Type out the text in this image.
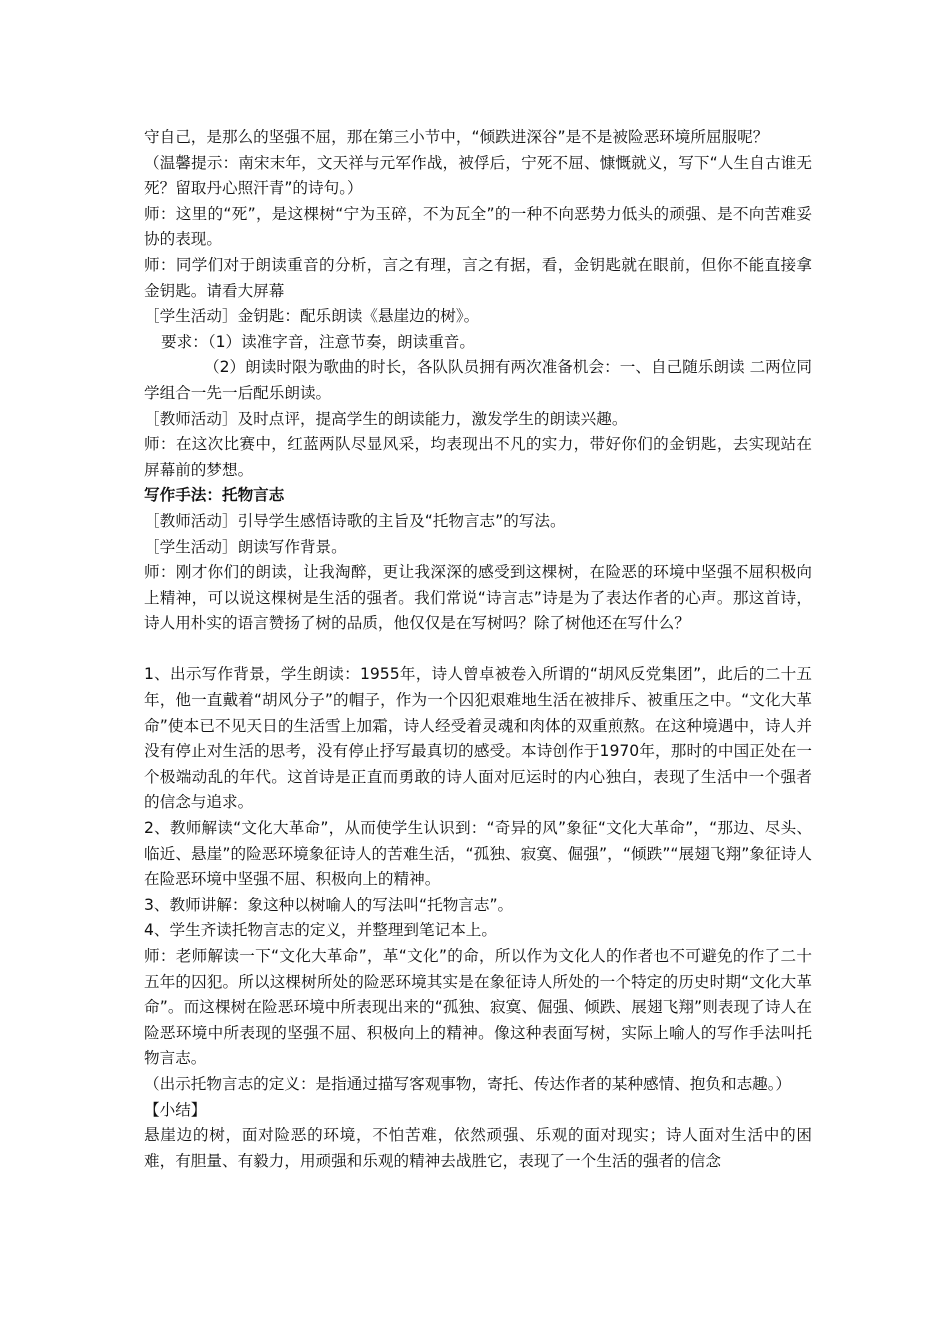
守自己，是那么的坚强不屈，那在第三小节中，“倾跌进深谷”是不是被险恶环境所屈服呢？

（温馨提示：南宋末年，文天祥与元军作战，被俘后，宁死不屈、慷慨就义，写下“人生自古谁无死？留取丹心照汗青”的诗句。）

师：这里的“死”，是这棵树“宁为玉碎，不为瓦全”的一种不向恶势力低头的顽强、是不向苦难妥协的表现。

师：同学们对于朗读重音的分析，言之有理，言之有据，看，金钥匙就在眼前，但你不能直接拿金钥匙。请看大屏幕

［学生活动］金钥匙：配乐朗读《悬崖边的树》。

要求：（1）读准字音，注意节奏，朗读重音。

（2）朗读时限为歌曲的时长，各队队员拥有两次准备机会：一、自己随乐朗读 二两位同学组合一先一后配乐朗读。

［教师活动］及时点评，提高学生的朗读能力，激发学生的朗读兴趣。

师：在这次比赛中，红蓝两队尽显风采，均表现出不凡的实力，带好你们的金钥匙，去实现站在屏幕前的梦想。

写作手法：托物言志

［教师活动］引导学生感悟诗歌的主旨及“托物言志”的写法。

［学生活动］朗读写作背景。

师：刚才你们的朗读，让我淘醉，更让我深深的感受到这棵树，在险恶的环境中坚强不屈积极向上精神，可以说这棵树是生活的强者。我们常说“诗言志”诗是为了表达作者的心声。那这首诗，诗人用朴实的语言赞扬了树的品质，他仅仅是在写树吗？除了树他还在写什么？

1、出示写作背景，学生朗读：1955年，诗人曾卓被卷入所谓的“胡风反党集团”，此后的二十五年，他一直戴着“胡风分子”的帽子，作为一个囚犯艰难地生活在被排斥、被重压之中。“文化大革命”使本已不见天日的生活雪上加霜，诗人经受着灵魂和肉体的双重煎熬。在这种境遇中，诗人并没有停止对生活的思考，没有停止抒写最真切的感受。本诗创作于1970年，那时的中国正处在一个极端动乱的年代。这首诗是正直而勇敢的诗人面对厄运时的内心独白，表现了生活中一个强者的信念与追求。

2、教师解读“文化大革命”，从而使学生认识到：“奇异的风”象征“文化大革命”，“那边、尽头、临近、悬崖”的险恶环境象征诗人的苦难生活，“孤独、寂寞、倔强”，“倾跌”“展翅飞翔”象征诗人在险恶环境中坚强不屈、积极向上的精神。

3、教师讲解：象这种以树喻人的写法叫“托物言志”。

4、学生齐读托物言志的定义，并整理到笔记本上。

师：老师解读一下“文化大革命”，革“文化”的命，所以作为文化人的作者也不可避免的作了二十五年的囚犯。所以这棵树所处的险恶环境其实是在象征诗人所处的一个特定的历史时期“文化大革命”。而这棵树在险恶环境中所表现出来的“孤独、寂寞、倔强、倾跌、展翅飞翔”则表现了诗人在险恶环境中所表现的坚强不屈、积极向上的精神。像这种表面写树，实际上喻人的写作手法叫托物言志。

（出示托物言志的定义：是指通过描写客观事物，寄托、传达作者的某种感情、抱负和志趣。）

【小结】

悬崖边的树，面对险恶的环境，不怕苦难，依然顽强、乐观的面对现实；诗人面对生活中的困难，有胆量、有毅力，用顽强和乐观的精神去战胜它，表现了一个生活的强者的信念
